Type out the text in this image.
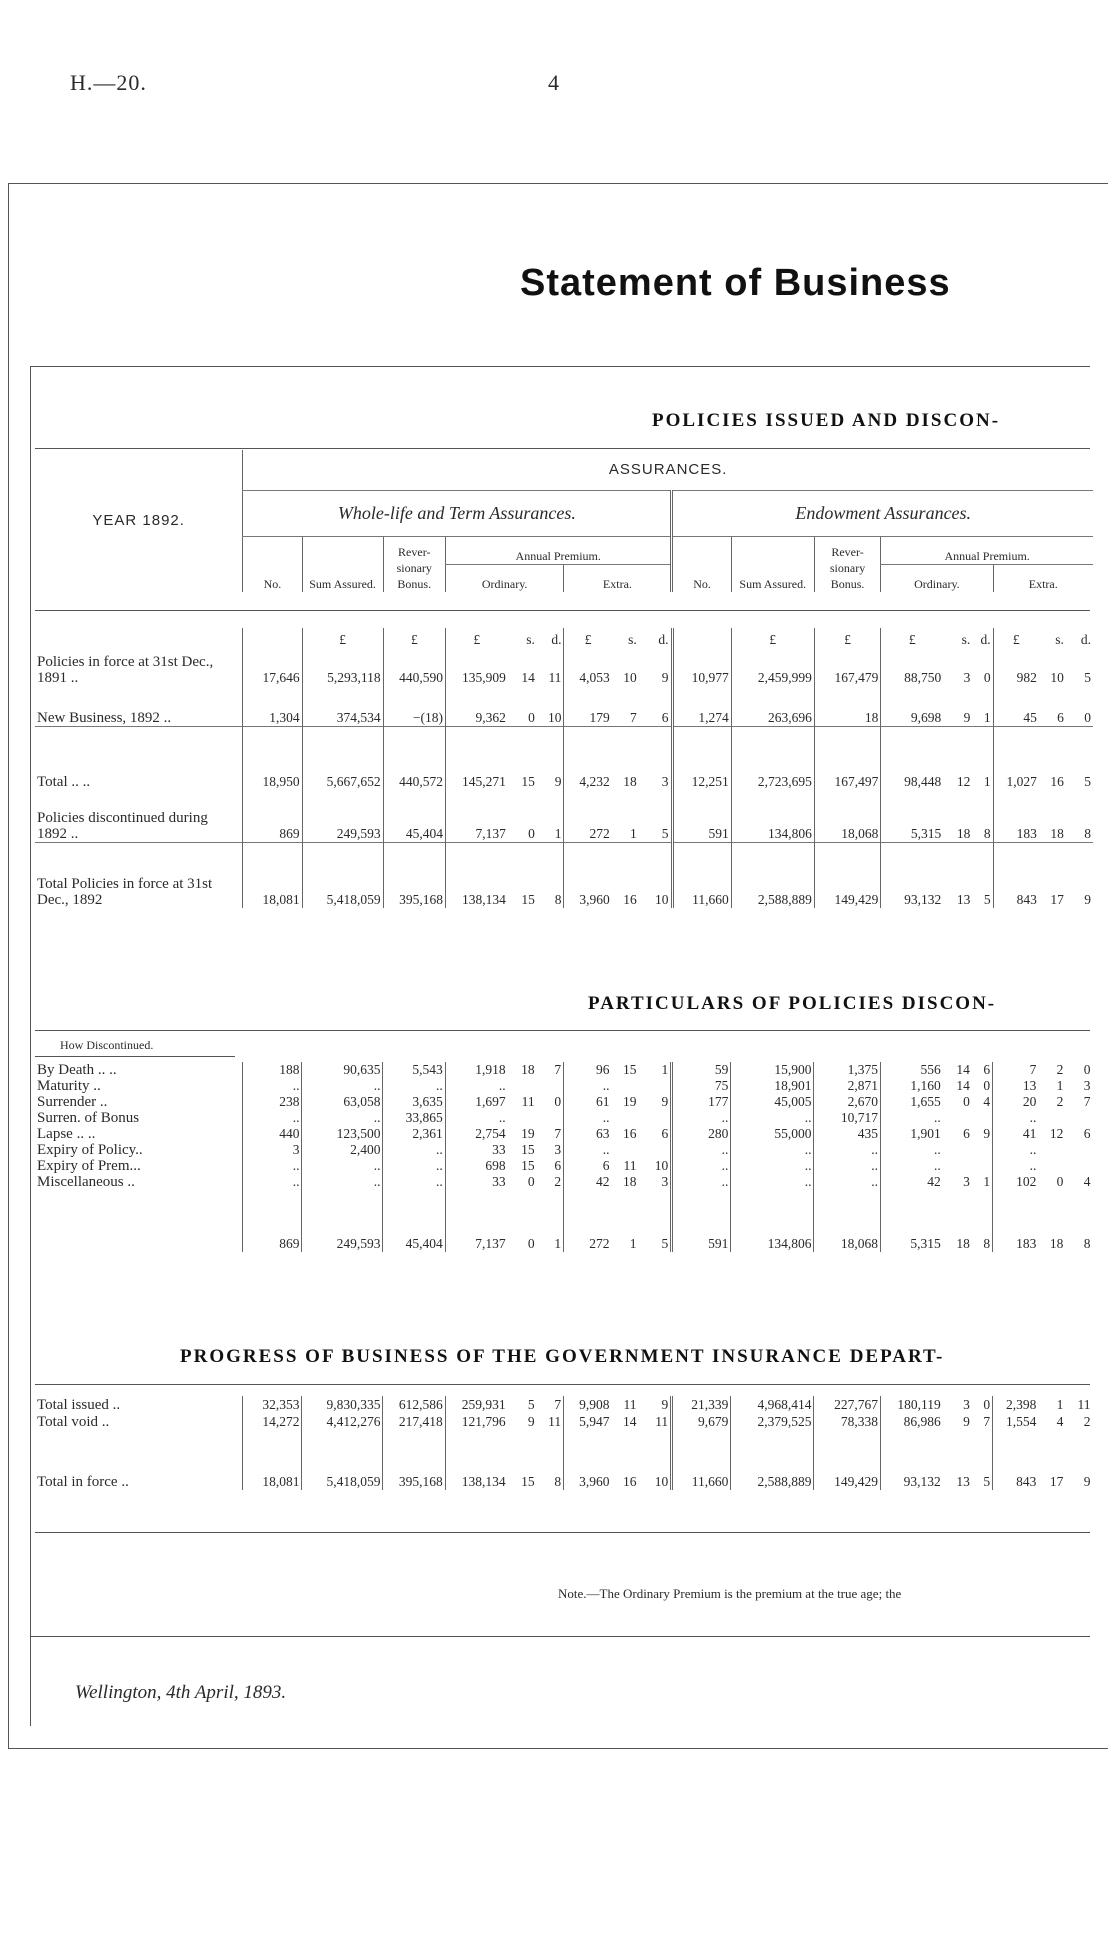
H.—20.	4
Statement of Business
POLICIES ISSUED AND DISCON-
YEAR 1892.	ASSURANCES.									
	Whole-life and Term Assurances.					Endowment Assurances.				
	No.	Sum Assured.	Rever- sionary Bonus.	Annual Premium.		No.	Sum Assured.	Rever- sionary Bonus.	Annual Premium.	
				Ordinary.	Extra.				Ordinary.	Extra.
		£	£	£	s.	d.	£	s.	d.		£	£	£	s.	d.	£	s.	d.
Policies in force at 31st Dec., 1891 ..	17,646	5,293,118	440,590	135,909	14	11	4,053	10	9	10,977	2,459,999	167,479	88,750	3	0	982	10	5
New Business, 1892 ..	1,304	374,534	−(18)	9,362	0	10	179	7	6	1,274	263,696	18	9,698	9	1	45	6	0
Total .. ..	18,950	5,667,652	440,572	145,271	15	9	4,232	18	3	12,251	2,723,695	167,497	98,448	12	1	1,027	16	5
Policies discontinued during 1892 ..	869	249,593	45,404	7,137	0	1	272	1	5	591	134,806	18,068	5,315	18	8	183	18	8
Total Policies in force at 31st Dec., 1892	18,081	5,418,059	395,168	138,134	15	8	3,960	16	10	11,660	2,588,889	149,429	93,132	13	5	843	17	9
PARTICULARS OF POLICIES DISCON-
How Discontinued.
By Death .. ..	188	90,635	5,543	1,918	18	7	96	15	1	59	15,900	1,375	556	14	6	7	2	0
Maturity ..	..	..	..	..			..			75	18,901	2,871	1,160	14	0	13	1	3
Surrender ..	238	63,058	3,635	1,697	11	0	61	19	9	177	45,005	2,670	1,655	0	4	20	2	7
Surren. of Bonus	..	..	33,865	..			..			..	..	10,717	..			..		
Lapse .. ..	440	123,500	2,361	2,754	19	7	63	16	6	280	55,000	435	1,901	6	9	41	12	6
Expiry of Policy..	3	2,400	..	33	15	3	..			..	..	..	..			..		
Expiry of Prem...	..	..	..	698	15	6	6	11	10	..	..	..	..			..		
Miscellaneous ..	..	..	..	33	0	2	42	18	3	..	..	..	42	3	1	102	0	4
	869	249,593	45,404	7,137	0	1	272	1	5	591	134,806	18,068	5,315	18	8	183	18	8
PROGRESS OF BUSINESS OF THE GOVERNMENT INSURANCE DEPART-
Total issued ..	32,353	9,830,335	612,586	259,931	5	7	9,908	11	9	21,339	4,968,414	227,767	180,119	3	0	2,398	1	11
Total void ..	14,272	4,412,276	217,418	121,796	9	11	5,947	14	11	9,679	2,379,525	78,338	86,986	9	7	1,554	4	2
Total in force ..	18,081	5,418,059	395,168	138,134	15	8	3,960	16	10	11,660	2,588,889	149,429	93,132	13	5	843	17	9
Note.—The Ordinary Premium is the premium at the true age; the
Wellington, 4th April, 1893.
